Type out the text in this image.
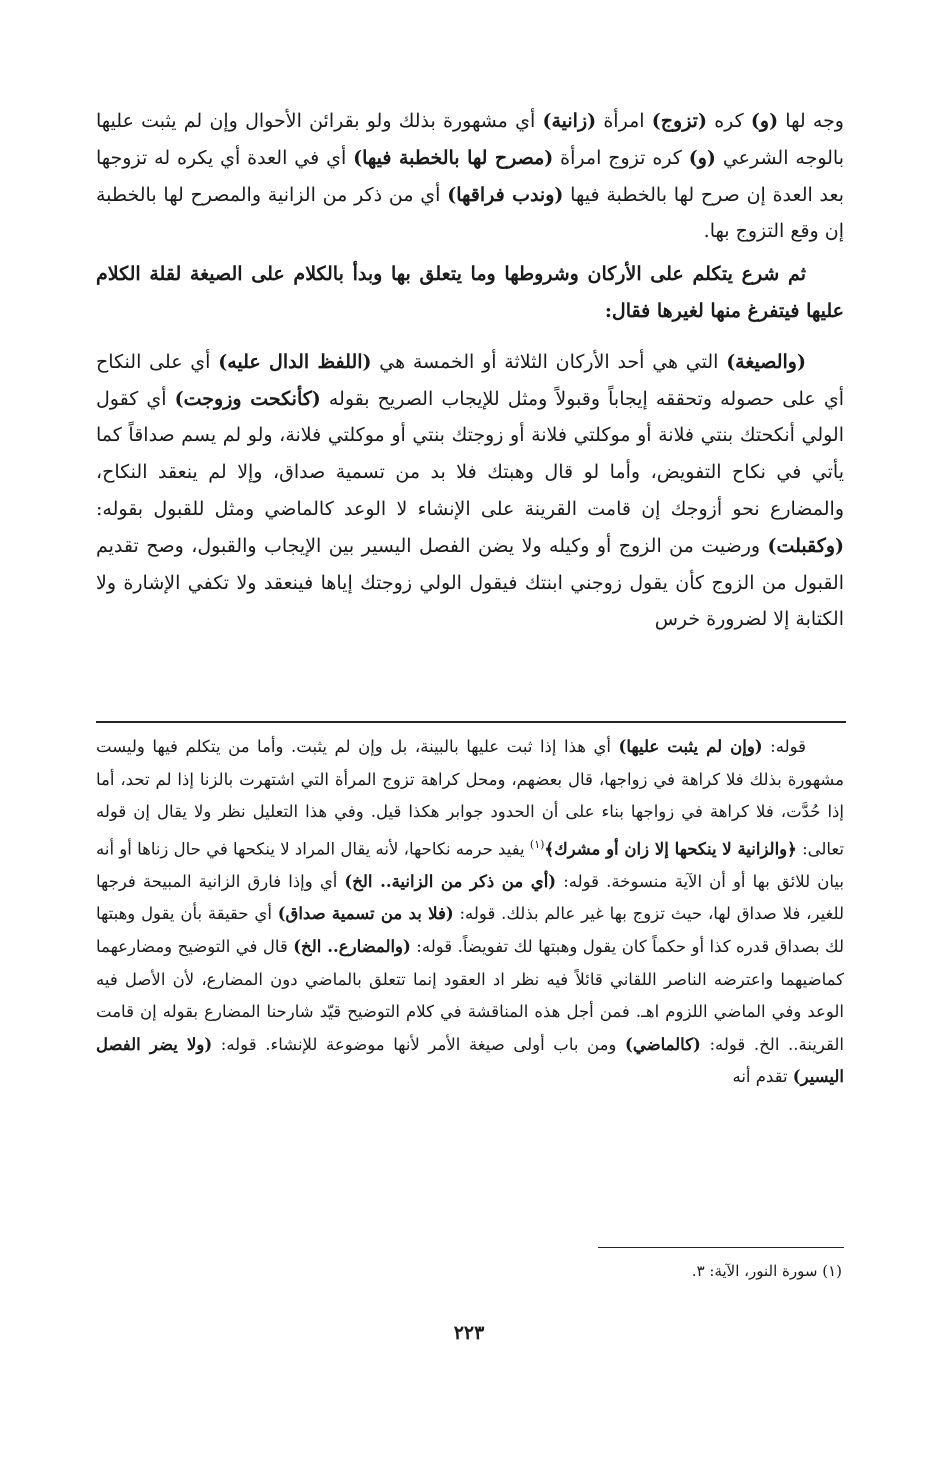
وجه لها (و) كره (تزوج) امرأة (زانية) أي مشهورة بذلك ولو بقرائن الأحوال وإن لم يثبت عليها بالوجه الشرعي (و) كره تزوج امرأة (مصرح لها بالخطبة فيها) أي في العدة أي يكره له تزوجها بعد العدة إن صرح لها بالخطبة فيها (وندب فراقها) أي من ذكر من الزانية والمصرح لها بالخطبة إن وقع التزوج بها.

ثم شرع يتكلم على الأركان وشروطها وما يتعلق بها وبدأ بالكلام على الصيغة لقلة الكلام عليها فيتفرغ منها لغيرها فقال:

(والصيغة) التي هي أحد الأركان الثلاثة أو الخمسة هي (اللفظ الدال عليه) أي على النكاح أي على حصوله وتحققه إيجاباً وقبولاً ومثل للإيجاب الصريح بقوله (كأنكحت وزوجت) أي كقول الولي أنكحتك بنتي فلانة أو موكلتي فلانة أو زوجتك بنتي أو موكلتي فلانة، ولو لم يسم صداقاً كما يأتي في نكاح التفويض، وأما لو قال وهبتك فلا بد من تسمية صداق، وإلا لم ينعقد النكاح، والمضارع نحو أزوجك إن قامت القرينة على الإنشاء لا الوعد كالماضي ومثل للقبول بقوله: (وكقبلت) ورضيت من الزوج أو وكيله ولا يضن الفصل اليسير بين الإيجاب والقبول، وصح تقديم القبول من الزوج كأن يقول زوجني ابنتك فيقول الولي زوجتك إياها فينعقد ولا تكفي الإشارة ولا الكتابة إلا لضرورة خرس

قوله: (وإن لم يثبت عليها) أي هذا إذا ثبت عليها بالبينة، بل وإن لم يثبت. وأما من يتكلم فيها وليست مشهورة بذلك فلا كراهة في زواجها، قال بعضهم، ومحل كراهة تزوج المرأة التي اشتهرت بالزنا إذا لم تحد، أما إذا حُدَّت، فلا كراهة في زواجها بناء على أن الحدود جوابر هكذا قيل. وفي هذا التعليل نظر ولا يقال إن قوله تعالى: ﴿والزانية لا ينكحها إلا زان أو مشرك﴾$^{(١)}$ يفيد حرمه نكاحها، لأنه يقال المراد لا ينكحها في حال زناها أو أنه بيان للائق بها أو أن الآية منسوخة. قوله: (أي من ذكر من الزانية.. الخ) أي وإذا فارق الزانية المبيحة فرجها للغير، فلا صداق لها، حيث تزوج بها غير عالم بذلك. قوله: (فلا بد من تسمية صداق) أي حقيقة بأن يقول وهبتها لك بصداق قدره كذا أو حكماً كان يقول وهبتها لك تفويضاً. قوله: (والمضارع.. الخ) قال في التوضيح ومضارعهما كماضيهما واعترضه الناصر اللقاني قائلاً فيه نظر اد العقود إنما تتعلق بالماضي دون المضارع، لأن الأصل فيه الوعد وفي الماضي اللزوم اهـ. فمن أجل هذه المناقشة في كلام التوضيح قيّد شارحنا المضارع بقوله إن قامت القرينة.. الخ. قوله: (كالماضي) ومن باب أولى صيغة الأمر لأنها موضوعة للإنشاء. قوله: (ولا يضر الفصل اليسير) تقدم أنه

(١) سورة النور، الآية: ٣.
٢٢٣
